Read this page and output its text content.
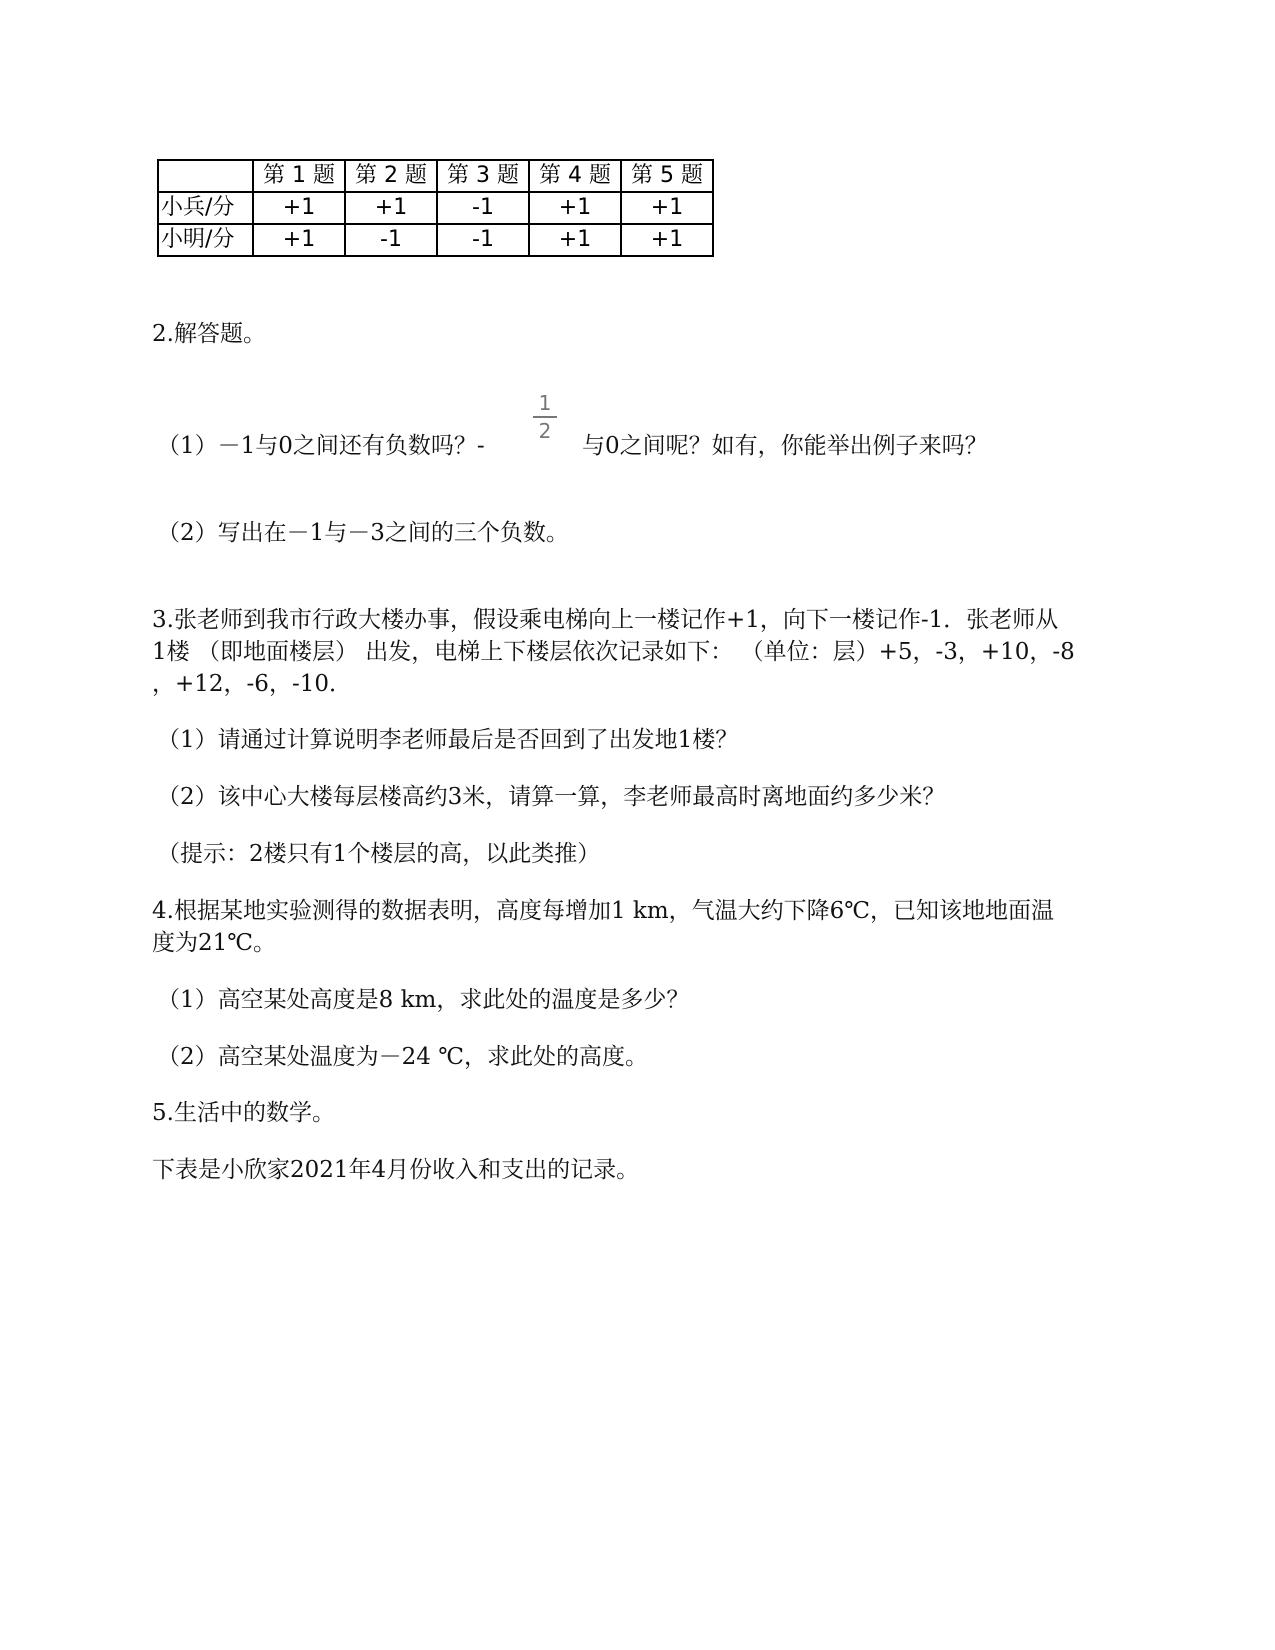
	第 1 题	第 2 题	第 3 题	第 4 题	第 5 题
小兵/分	+1	+1	-1	+1	+1
小明/分	+1	-1	-1	+1	+1
2.解答题。
（1）－1与0之间还有负数吗？-
1
2
与0之间呢？如有，你能举出例子来吗？
（2）写出在－1与－3之间的三个负数。
3.张老师到我市行政大楼办事，假设乘电梯向上一楼记作+1，向下一楼记作-1．张老师从
1楼 （即地面楼层） 出发，电梯上下楼层依次记录如下： （单位：层）+5，-3，+10，-8
，+12，-6，-10．
（1）请通过计算说明李老师最后是否回到了出发地1楼？
（2）该中心大楼每层楼高约3米，请算一算，李老师最高时离地面约多少米？
（提示：2楼只有1个楼层的高，以此类推）
4.根据某地实验测得的数据表明，高度每增加1 km，气温大约下降6℃，已知该地地面温
度为21℃。
（1）高空某处高度是8 km，求此处的温度是多少？
（2）高空某处温度为－24 ℃，求此处的高度。
5.生活中的数学。
下表是小欣家2021年4月份收入和支出的记录。
